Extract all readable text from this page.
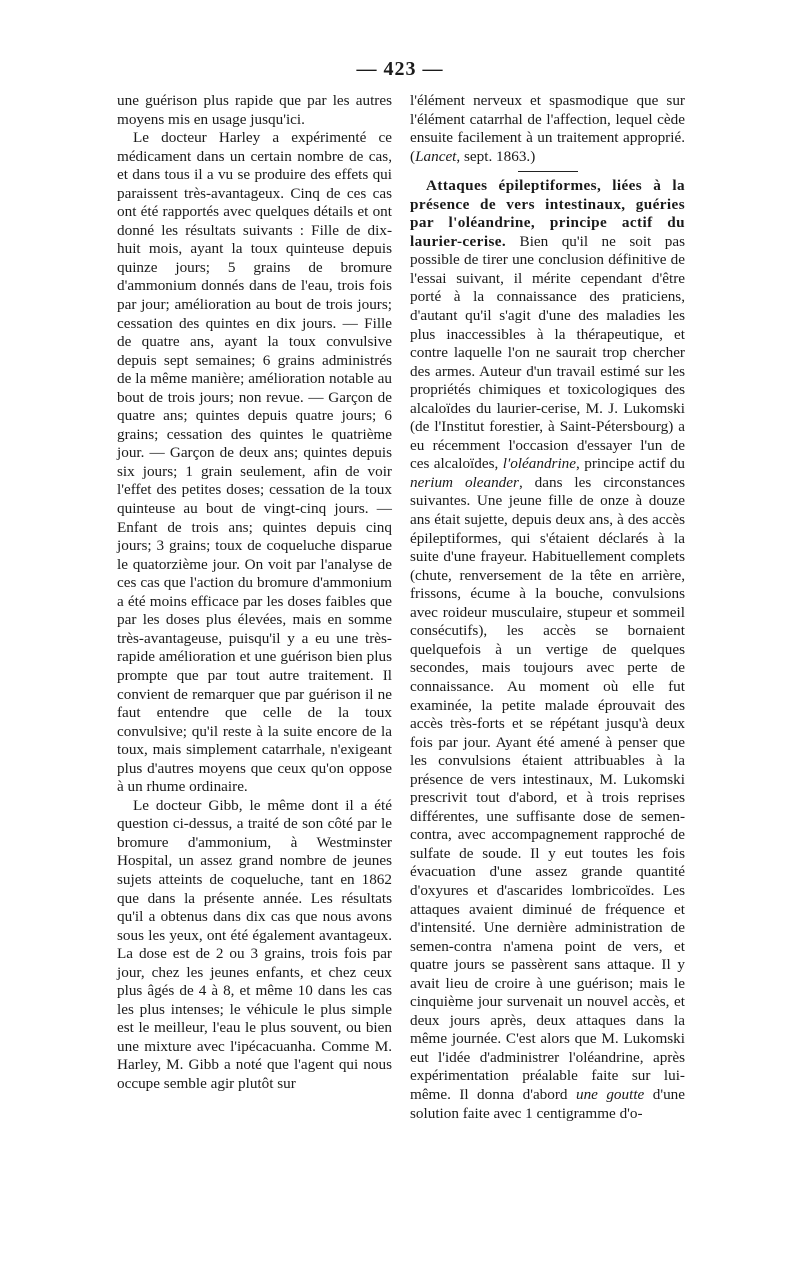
— 423 —

une guérison plus rapide que par les autres moyens mis en usage jusqu'ici.

Le docteur Harley a expérimenté ce médicament dans un certain nombre de cas, et dans tous il a vu se produire des effets qui paraissent très-avantageux. Cinq de ces cas ont été rapportés avec quelques détails et ont donné les résultats suivants : Fille de dix-huit mois, ayant la toux quinteuse depuis quinze jours; 5 grains de bromure d'ammonium donnés dans de l'eau, trois fois par jour; amélioration au bout de trois jours; cessation des quintes en dix jours. — Fille de quatre ans, ayant la toux convulsive depuis sept semaines; 6 grains administrés de la même manière; amélioration notable au bout de trois jours; non revue. — Garçon de quatre ans; quintes depuis quatre jours; 6 grains; cessation des quintes le quatrième jour. — Garçon de deux ans; quintes depuis six jours; 1 grain seulement, afin de voir l'effet des petites doses; cessation de la toux quinteuse au bout de vingt-cinq jours. — Enfant de trois ans; quintes depuis cinq jours; 3 grains; toux de coqueluche disparue le quatorzième jour. On voit par l'analyse de ces cas que l'action du bromure d'ammonium a été moins efficace par les doses faibles que par les doses plus élevées, mais en somme très-avantageuse, puisqu'il y a eu une très-rapide amélioration et une guérison bien plus prompte que par tout autre traitement. Il convient de remarquer que par guérison il ne faut entendre que celle de la toux convulsive; qu'il reste à la suite encore de la toux, mais simplement catarrhale, n'exigeant plus d'autres moyens que ceux qu'on oppose à un rhume ordinaire.

Le docteur Gibb, le même dont il a été question ci-dessus, a traité de son côté par le bromure d'ammonium, à Westminster Hospital, un assez grand nombre de jeunes sujets atteints de coqueluche, tant en 1862 que dans la présente année. Les résultats qu'il a obtenus dans dix cas que nous avons sous les yeux, ont été également avantageux. La dose est de 2 ou 3 grains, trois fois par jour, chez les jeunes enfants, et chez ceux plus âgés de 4 à 8, et même 10 dans les cas les plus intenses; le véhicule le plus simple est le meilleur, l'eau le plus souvent, ou bien une mixture avec l'ipécacuanha. Comme M. Harley, M. Gibb a noté que l'agent qui nous occupe semble agir plutôt sur

l'élément nerveux et spasmodique que sur l'élément catarrhal de l'affection, lequel cède ensuite facilement à un traitement approprié. (Lancet, sept. 1863.)

Attaques épileptiformes, liées à la présence de vers intestinaux, guéries par l'oléandrine, principe actif du laurier-cerise. Bien qu'il ne soit pas possible de tirer une conclusion définitive de l'essai suivant, il mérite cependant d'être porté à la connaissance des praticiens, d'autant qu'il s'agit d'une des maladies les plus inaccessibles à la thérapeutique, et contre laquelle l'on ne saurait trop chercher des armes. Auteur d'un travail estimé sur les propriétés chimiques et toxicologiques des alcaloïdes du laurier-cerise, M. J. Lukomski (de l'Institut forestier, à Saint-Pétersbourg) a eu récemment l'occasion d'essayer l'un de ces alcaloïdes, l'oléandrine, principe actif du nerium oleander, dans les circonstances suivantes. Une jeune fille de onze à douze ans était sujette, depuis deux ans, à des accès épileptiformes, qui s'étaient déclarés à la suite d'une frayeur. Habituellement complets (chute, renversement de la tête en arrière, frissons, écume à la bouche, convulsions avec roideur musculaire, stupeur et sommeil consécutifs), les accès se bornaient quelquefois à un vertige de quelques secondes, mais toujours avec perte de connaissance. Au moment où elle fut examinée, la petite malade éprouvait des accès très-forts et se répétant jusqu'à deux fois par jour. Ayant été amené à penser que les convulsions étaient attribuables à la présence de vers intestinaux, M. Lukomski prescrivit tout d'abord, et à trois reprises différentes, une suffisante dose de semen-contra, avec accompagnement rapproché de sulfate de soude. Il y eut toutes les fois évacuation d'une assez grande quantité d'oxyures et d'ascarides lombricoïdes. Les attaques avaient diminué de fréquence et d'intensité. Une dernière administration de semen-contra n'amena point de vers, et quatre jours se passèrent sans attaque. Il y avait lieu de croire à une guérison; mais le cinquième jour survenait un nouvel accès, et deux jours après, deux attaques dans la même journée. C'est alors que M. Lukomski eut l'idée d'administrer l'oléandrine, après expérimentation préalable faite sur lui-même. Il donna d'abord une goutte d'une solution faite avec 1 centigramme d'o-
